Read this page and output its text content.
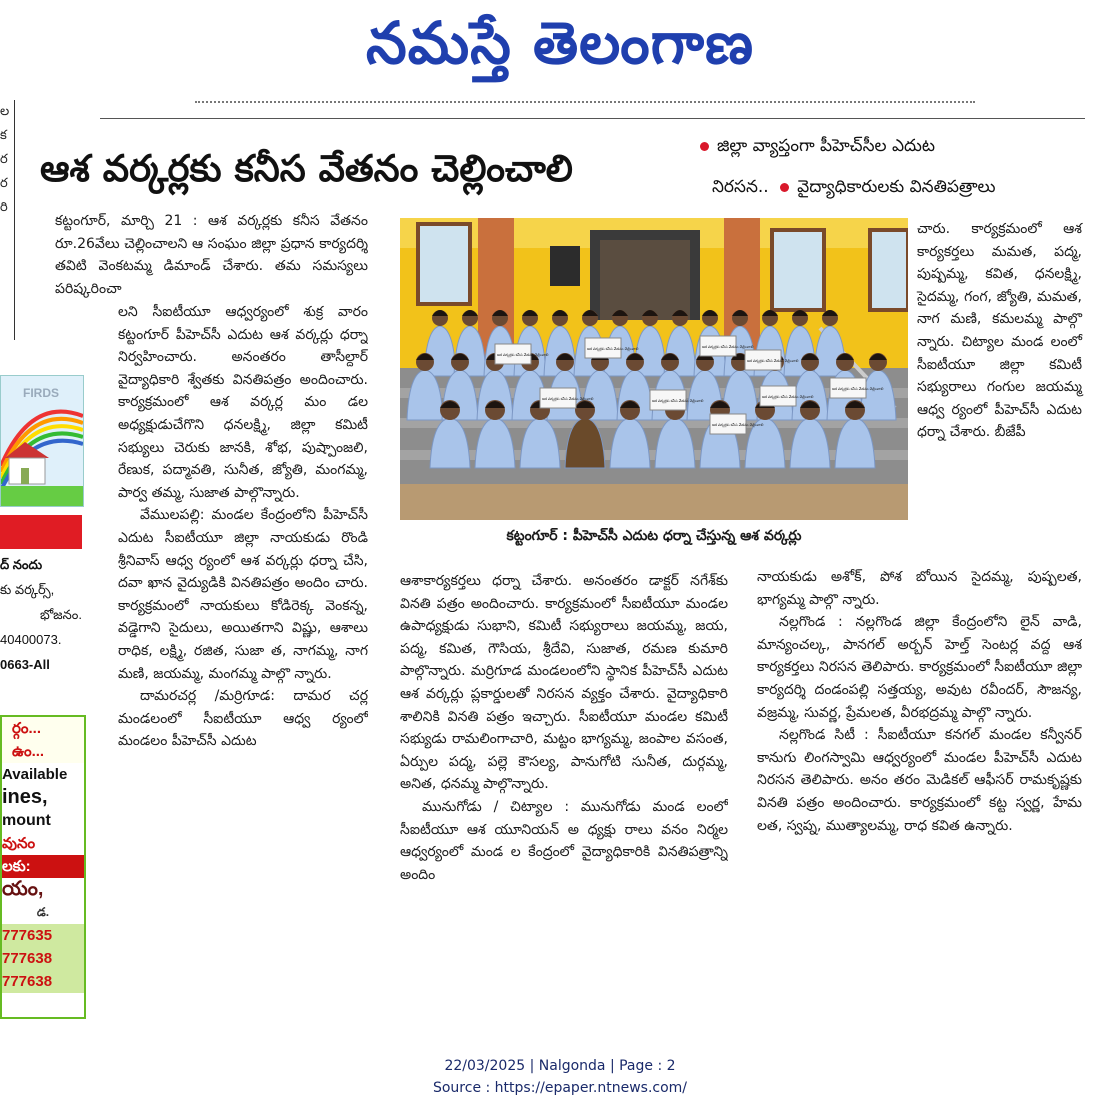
నమస్తే తెలంగాణ
ల
క
ర
ర
రి
FIRDS
ద్ నందు
కు వర్కర్స్,
భోజనం.
40400073.
0663-All
ర్గం...
ఉం...
Available
ines,
mount
వునం
లకు:
యం,
డ.
777635
777638
777638
ఆశ వర్కర్లకు కనీస వేతనం చెల్లించాలి
జిల్లా వ్యాప్తంగా పీహెచ్‌సీల ఎదుట
నిరసన.. వైద్యాధికారులకు వినతిపత్రాలు

కట్టంగూర్, మార్చి 21 : ఆశ వర్కర్లకు కనీస వేతనం రూ.26వేలు చెల్లించాలని ఆ సంఘం జిల్లా ప్రధాన కార్యదర్శి తవిటి వెంకటమ్మ డిమాండ్ చేశారు. తమ సమస్యలు పరిష్కరించా

లని సీఐటీయూ ఆధ్వర్యంలో శుక్ర వారం కట్టంగూర్ పీహెచ్‌సీ ఎదుట ఆశ వర్కర్లు ధర్నా నిర్వహించారు. అనంతరం తాసీల్దార్ వైద్యాధికారి శ్వేతకు వినతిపత్రం అందించారు. కార్యక్రమంలో ఆశ వర్కర్ల మం డల అధ్యక్షుడుచేగొని ధనలక్ష్మి, జిల్లా కమిటీ సభ్యులు చెరుకు జానకి, శోభ, పుష్పాంజలి, రేణుక, పద్మావతి, సునీత, జ్యోతి, మంగమ్మ, పార్వ తమ్మ, సుజాత పాల్గొన్నారు.

వేములపల్లి: మండల కేంద్రంలోని పీహెచ్‌సీ ఎదుట సీఐటీయూ జిల్లా నాయకుడు రొండి శ్రీనివాస్ ఆధ్వ ర్యంలో ఆశ వర్కర్లు ధర్నా చేసి, దవా ఖాన వైద్యుడికి వినతిపత్రం అందిం చారు. కార్యక్రమంలో నాయకులు కోడిరెక్క వెంకన్న, వడ్డెగాని సైదులు, అయితగాని విష్ణు, ఆశాలు రాధిక, లక్ష్మి, రజిత, సుజా త, నాగమ్మ, నాగ మణి, జయమ్మ, మంగమ్మ పాల్గొ న్నారు.

దామరచర్ల /మర్రిగూడ: దామర చర్ల మండలంలో సీఐటీయూ ఆధ్వ ర్యంలో మండలం పీహెచ్‌సీ ఎదుట

ఆశ వర్కర్లకు కనీస వేతనం చెల్లించాలి
ఆశ వర్కర్లకు కనీస వేతనం చెల్లించాలి	ఆశ వర్కర్లకు కనీస వేతనం చెల్లించాలి
ఆశ వర్కర్లకు కనీస వేతనం చెల్లించాలి
ఆశ వర్కర్లకు కనీస వేతనం చెల్లించాలి	ఆశ వర్కర్లకు కనీస వేతనం చెల్లించాలి
ఆశ వర్కర్లకు కనీస వేతనం చెల్లించాలి
ఆశ వర్కర్లకు కనీస వేతనం చెల్లించాలి
ఆశ వర్కర్లకు కనీస వేతనం చెల్లించాలి
కట్టంగూర్ : పీహెచ్‌సీ ఎదుట ధర్నా చేస్తున్న ఆశ వర్కర్లు

ఆశాకార్యకర్తలు ధర్నా చేశారు. అనంతరం డాక్టర్ నగేశ్‌కు వినతి పత్రం అందించారు. కార్యక్రమంలో సీఐటీయూ మండల ఉపాధ్యక్షుడు సుభాని, కమిటీ సభ్యురాలు జయమ్మ, జయ, పద్మ, కమిత, గౌసియ, శ్రీదేవి, సుజాత, రమణ కుమారి పాల్గొన్నారు. మర్రిగూడ మండలంలోని స్థానిక పీహెచ్‌సీ ఎదుట ఆశ వర్కర్లు ప్లకార్డులతో నిరసన వ్యక్తం చేశారు. వైద్యాధికారి శాలినికి వినతి పత్రం ఇచ్చారు. సీఐటీయూ మండల కమిటీ సభ్యుడు రామలింగాచారి, మట్టం భాగ్యమ్మ, జంపాల వసంత, ఏర్పుల పద్మ, పల్లె కౌసల్య, పానుగోటి సునీత, దుర్గమ్మ, అనిత, ధనమ్మ పాల్గొన్నారు.

మునుగోడు / చిట్యాల : మునుగోడు మండ లంలో సీఐటీయూ ఆశ యూనియన్ అ ధ్యక్షు రాలు వనం నిర్మల ఆధ్వర్యంలో మండ ల కేంద్రంలో వైద్యాధికారికి వినతిపత్రాన్ని అందిం

చారు. కార్యక్రమంలో ఆశ కార్యకర్తలు మమత, పద్మ, పుష్పమ్మ, కవిత, ధనలక్ష్మి, సైదమ్మ, గంగ, జ్యోతి, మమత, నాగ మణి, కమలమ్మ పాల్గొ న్నారు. చిట్యాల మండ లంలో సీఐటీయూ జిల్లా కమిటీ సభ్యురాలు గంగుల జయమ్మ ఆధ్వ ర్యంలో పీహెచ్‌సీ ఎదుట ధర్నా చేశారు. బీజేపీ

నాయకుడు అశోక్, పోశ బోయిన సైదమ్మ, పుష్పలత, భాగ్యమ్మ పాల్గొ న్నారు.

నల్లగొండ : నల్లగొండ జిల్లా కేంద్రంలోని లైన్ వాడి, మాన్యంచల్క, పానగల్ అర్బన్ హెల్త్ సెంటర్ల వద్ద ఆశ కార్యకర్తలు నిరసన తెలిపారు. కార్యక్రమంలో సీఐటీయూ జిల్లా కార్యదర్శి దండంపల్లి సత్తయ్య, అవుట రవీందర్, సౌజన్య, వజ్రమ్మ, సువర్ణ, ప్రేమలత, వీరభద్రమ్మ పాల్గొ న్నారు.

నల్లగొండ సిటీ : సీఐటీయూ కనగల్ మండల కన్వీనర్ కానుగు లింగస్వామి ఆధ్వర్యంలో మండల పీహెచ్‌సీ ఎదుట నిరసన తెలిపారు. అనం తరం మెడికల్ ఆఫీసర్ రామకృష్ణకు వినతి పత్రం అందించారు. కార్యక్రమంలో కట్ట స్వర్ణ, హేమ లత, స్వప్న, ముత్యాలమ్మ, రాధ కవిత ఉన్నారు.

22/03/2025 | Nalgonda | Page : 2
Source : https://epaper.ntnews.com/
